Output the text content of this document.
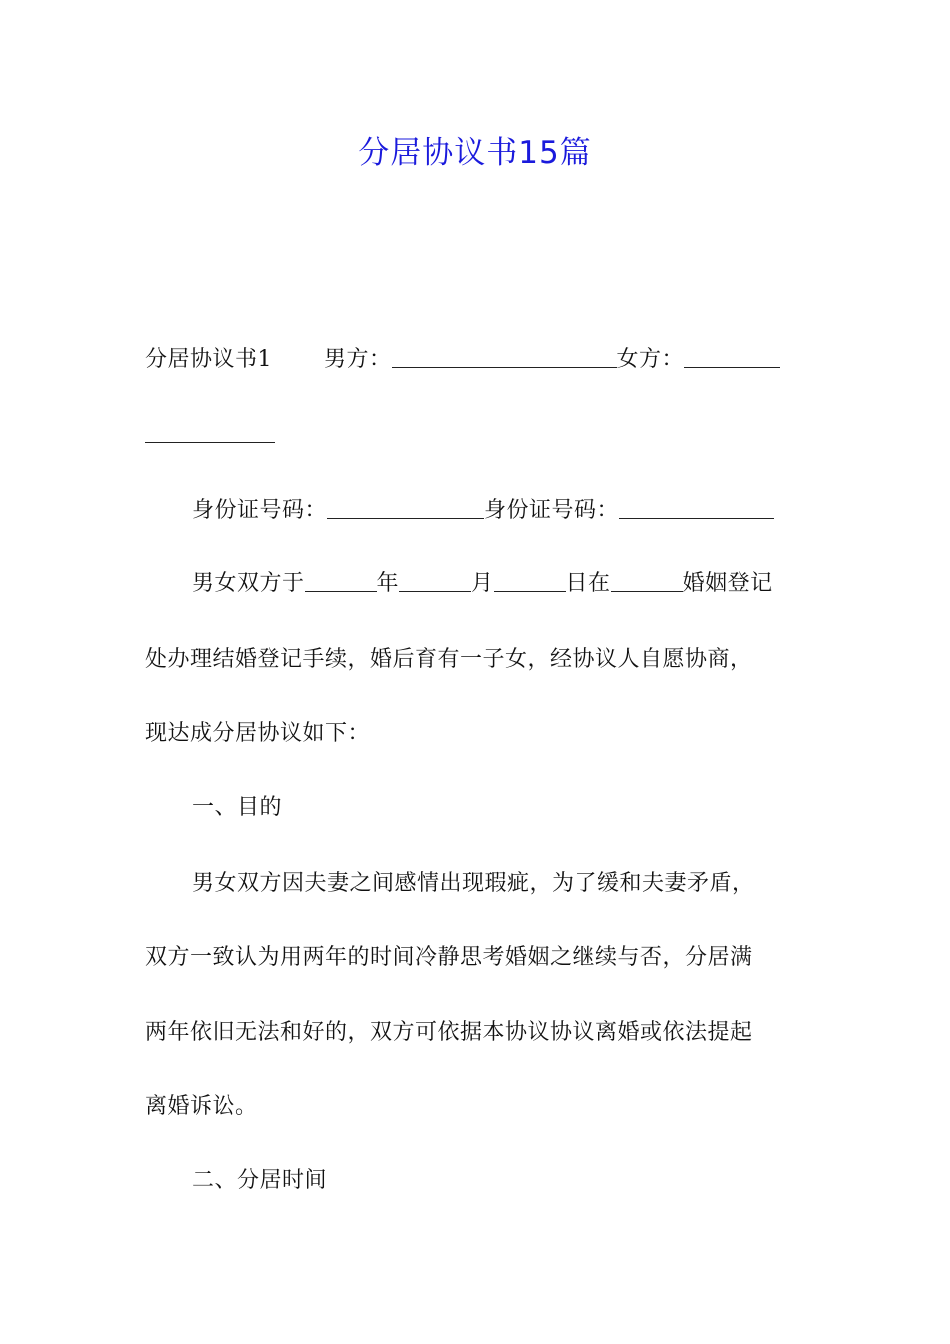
分居协议书15篇
分居协议书1 男方：	女方：
身份证号码：	身份证号码：
男女双方于	年	月	日在	婚姻登记
处办理结婚登记手续，婚后育有一子女，经协议人自愿协商，
现达成分居协议如下：
一、目的
男女双方因夫妻之间感情出现瑕疵，为了缓和夫妻矛盾，
双方一致认为用两年的时间冷静思考婚姻之继续与否，分居满
两年依旧无法和好的，双方可依据本协议协议离婚或依法提起
离婚诉讼。
二、分居时间
